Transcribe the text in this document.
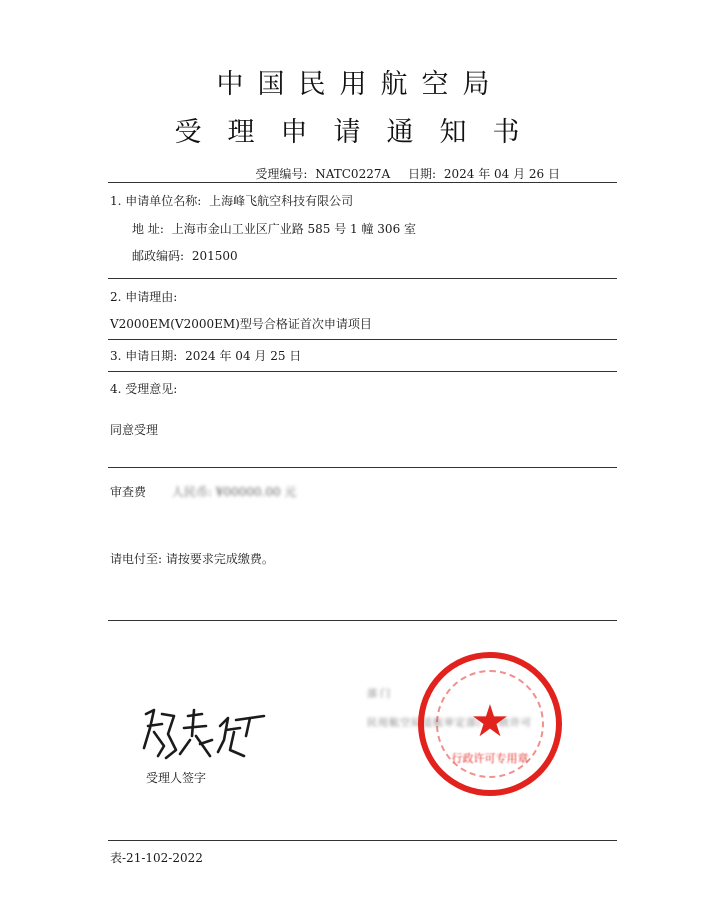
中国民用航空局
受理申请通知书
受理编号: NATC0227A 日期: 2024 年 04 月 26 日
1. 申请单位名称: 上海峰飞航空科技有限公司
地 址: 上海市金山工业区广业路 585 号 1 幢 306 室
邮政编码: 201500
2. 申请理由:
V2000EM(V2000EM)型号合格证首次申请项目
3. 申请日期: 2024 年 04 月 25 日
4. 受理意见:
同意受理
审查费 人民币: ¥00000.00 元
请电付至: 请按要求完成缴费。
部 门
民用航空局适航审定部门行政许可
★
行政许可专用章
受理人签字
表-21-102-2022
